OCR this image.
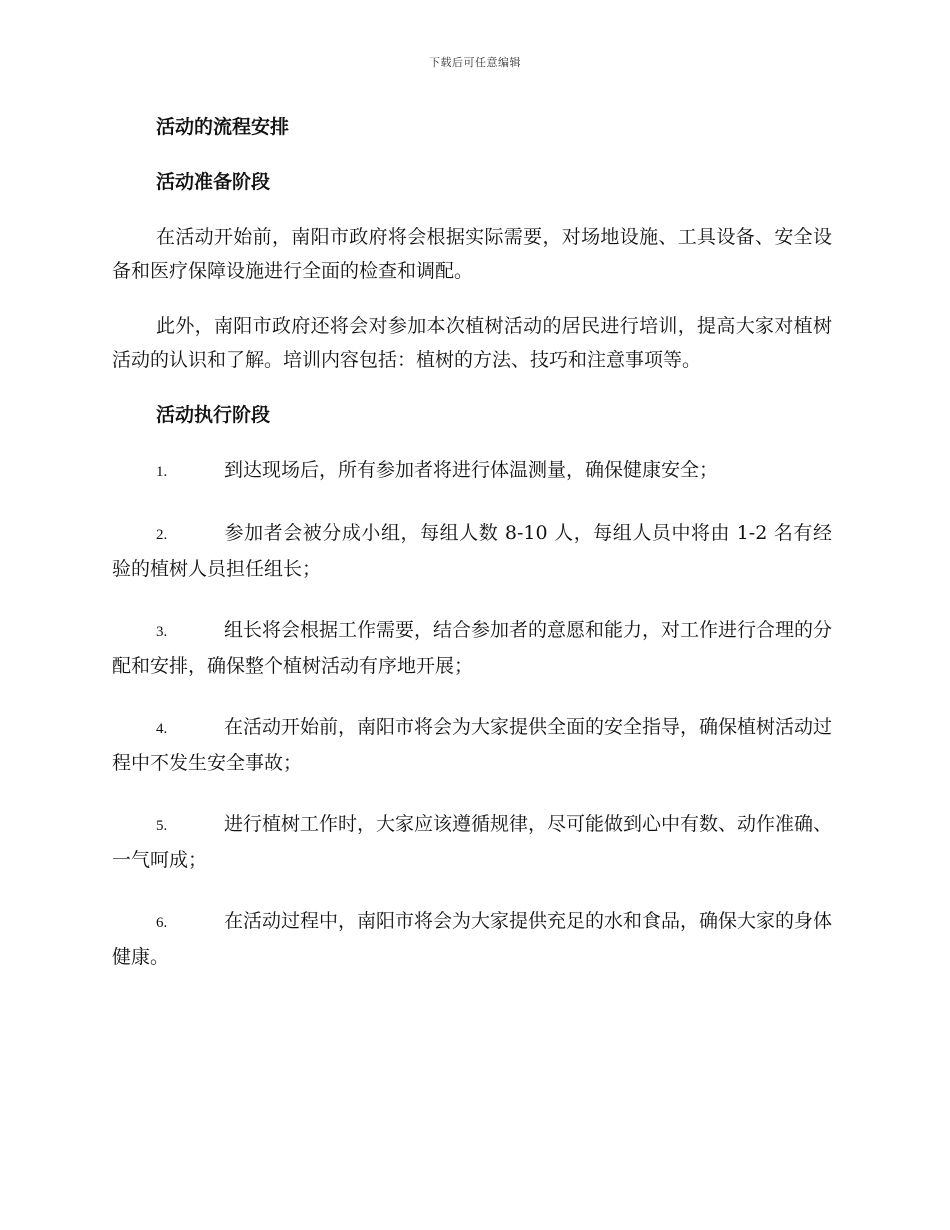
下载后可任意编辑
活动的流程安排
活动准备阶段

在活动开始前，南阳市政府将会根据实际需要，对场地设施、工具设备、安全设备和医疗保障设施进行全面的检查和调配。

此外，南阳市政府还将会对参加本次植树活动的居民进行培训，提高大家对植树活动的认识和了解。培训内容包括：植树的方法、技巧和注意事项等。

活动执行阶段
1.	到达现场后，所有参加者将进行体温测量，确保健康安全；
2.	参加者会被分成小组，每组人数 8-10 人，每组人员中将由 1-2 名有经验的植树人员担任组长；
3.	组长将会根据工作需要，结合参加者的意愿和能力，对工作进行合理的分配和安排，确保整个植树活动有序地开展；
4.	在活动开始前，南阳市将会为大家提供全面的安全指导，确保植树活动过程中不发生安全事故；
5.	进行植树工作时，大家应该遵循规律，尽可能做到心中有数、动作准确、一气呵成；
6.	在活动过程中，南阳市将会为大家提供充足的水和食品，确保大家的身体健康。
